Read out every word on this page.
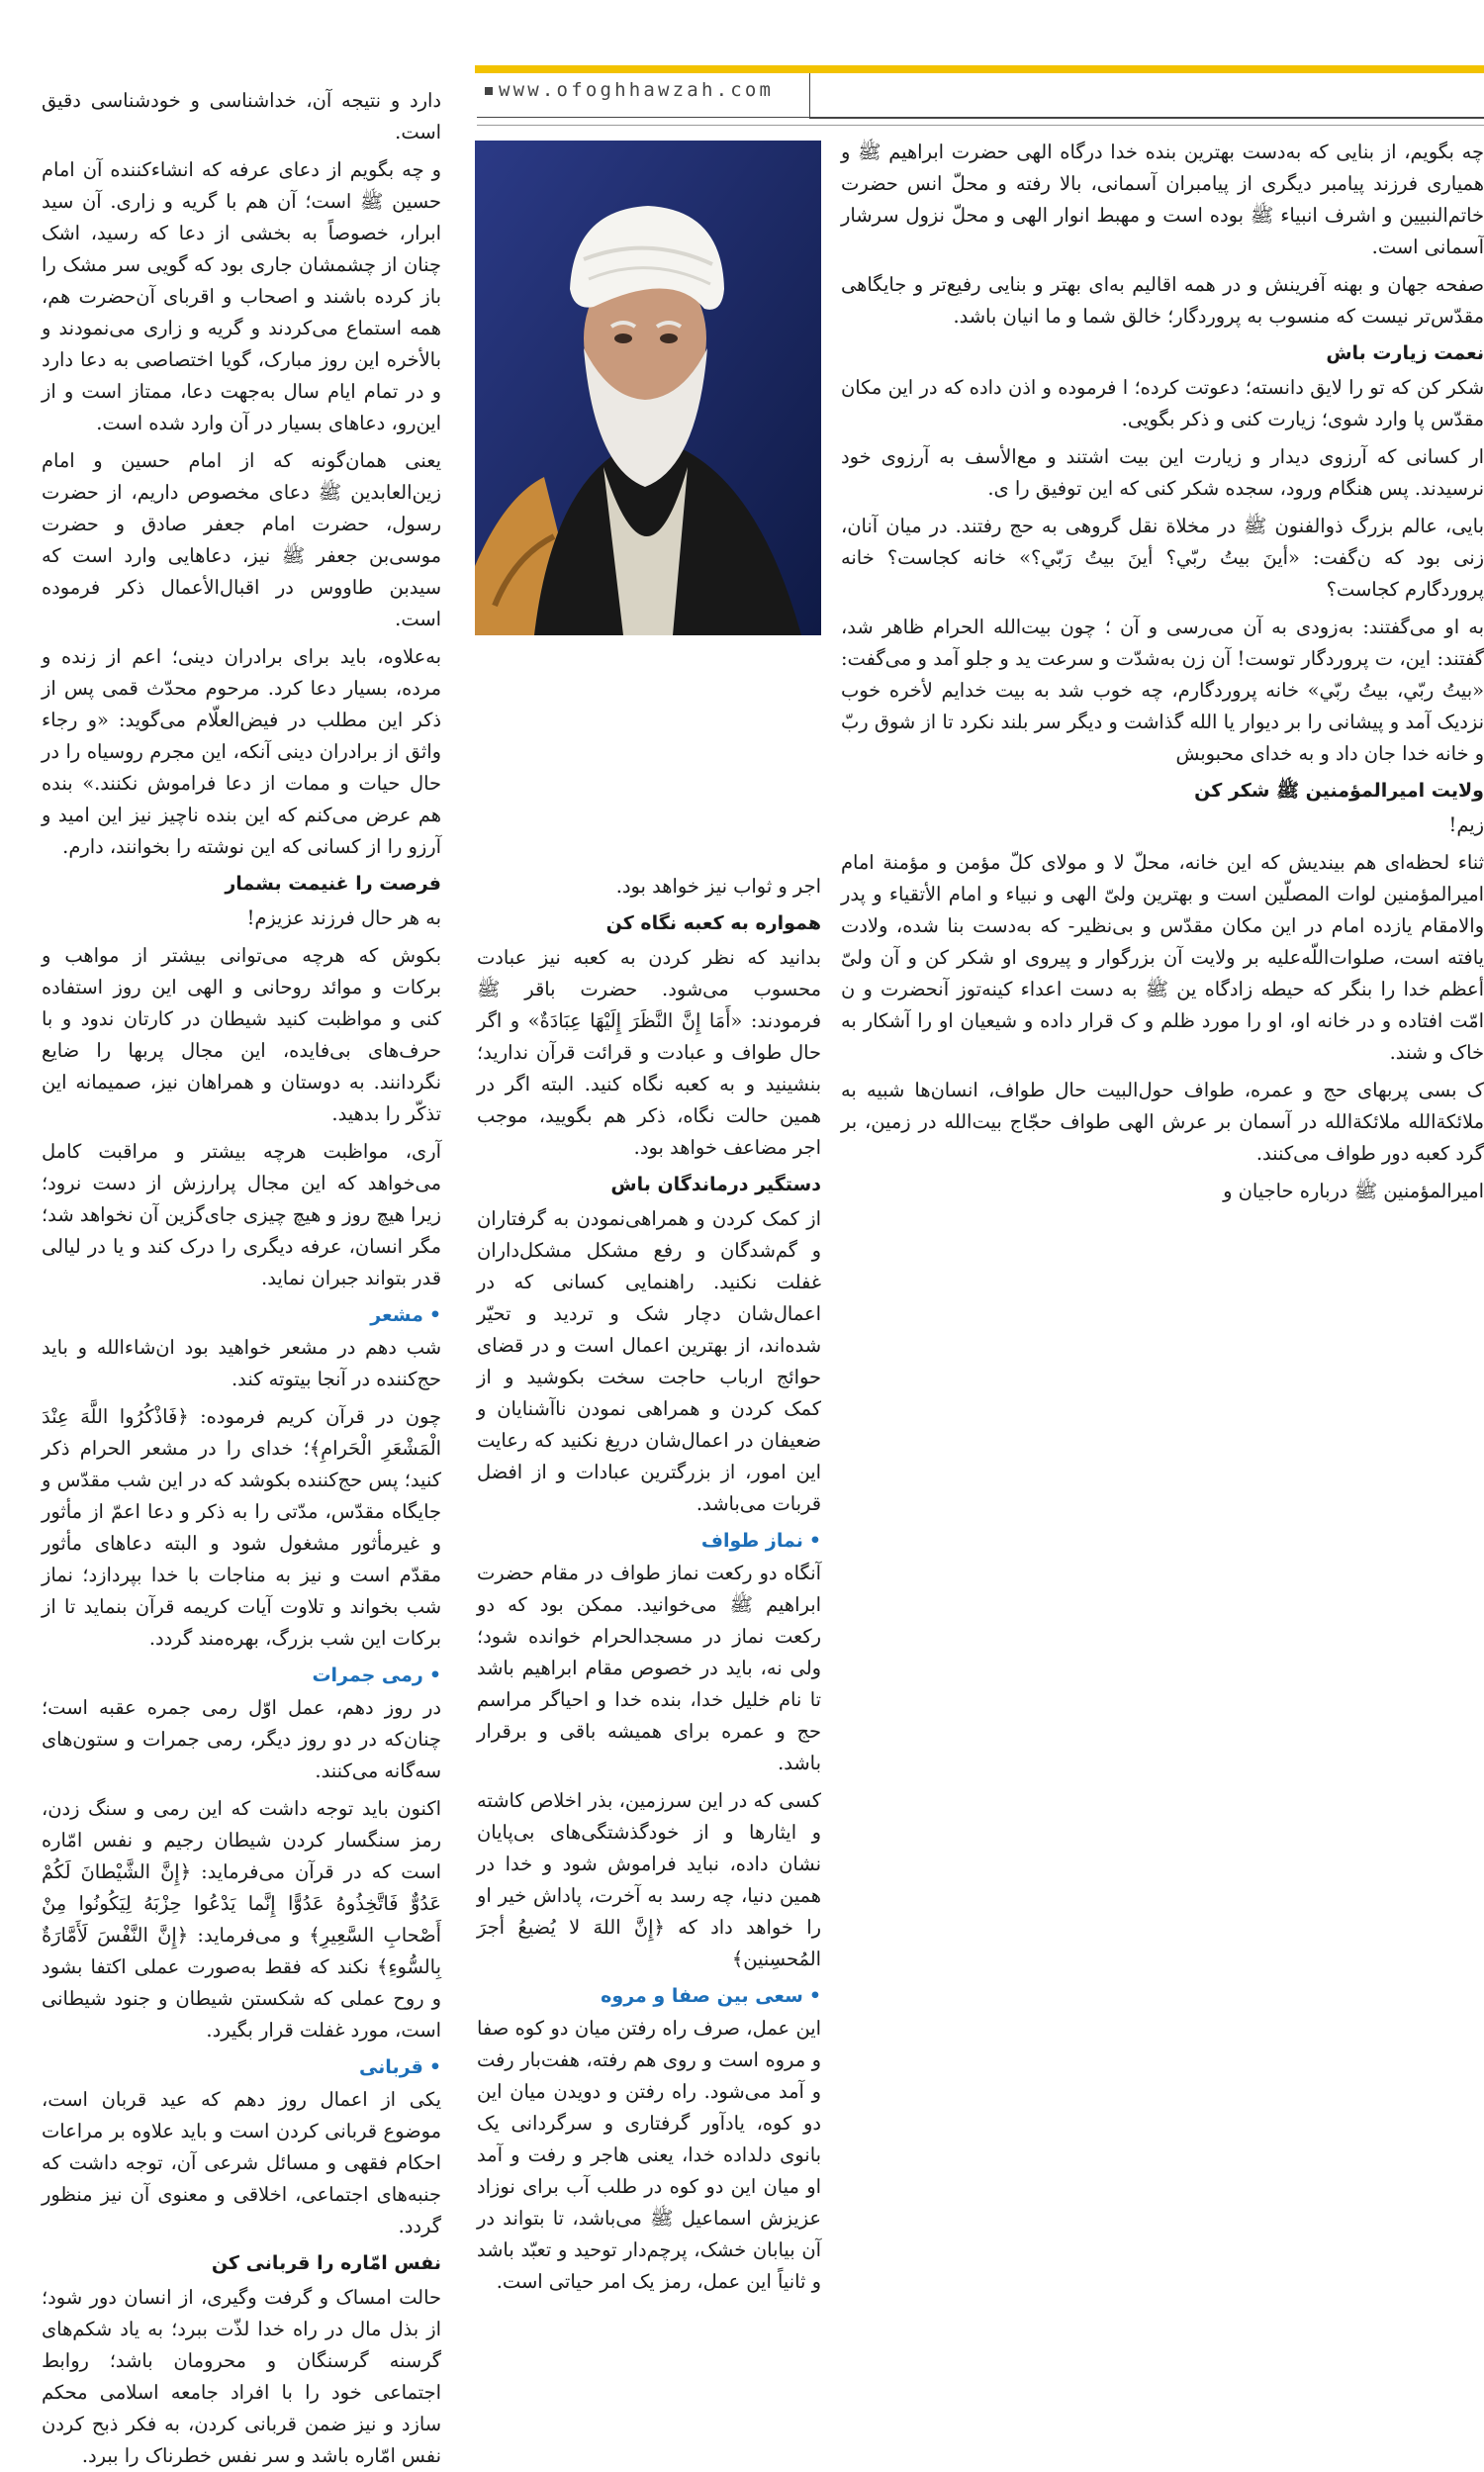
www.ofoghhawzah.com

دارد و نتیجه آن، خداشناسی و خودشناسی دقیق است.

و چه بگویم از دعای عرفه که انشاءکننده آن امام حسین ﷺ است؛ آن هم با گریه و زاری. آن سید ابرار، خصوصاً به بخشی از دعا که رسید، اشک چنان از چشمشان جاری بود که گویی سر مشک را باز کرده باشند و اصحاب و اقربای آن‌حضرت هم، همه استماع می‌کردند و گریه و زاری می‌نمودند و بالأخره این روز مبارک، گویا اختصاصی به دعا دارد و در تمام ایام سال به‌جهت دعا، ممتاز است و از این‌رو، دعاهای بسیار در آن وارد شده است.

یعنی همان‌گونه که از امام حسین و امام زین‌العابدین ﷺ دعای مخصوص داریم، از حضرت رسول، حضرت امام جعفر صادق و حضرت موسی‌بن جعفر ﷺ نیز، دعاهایی وارد است که سیدبن طاووس در اقبال‌الأعمال ذکر فرموده است.

به‌علاوه، باید برای برادران دینی؛ اعم از زنده و مرده، بسیار دعا کرد. مرحوم محدّث قمی پس از ذکر این مطلب در فیض‌العلّام می‌گوید: «و رجاء واثق از برادران دینی آنکه، این مجرم روسیاه را در حال حیات و ممات از دعا فراموش نکنند.» بنده هم عرض می‌کنم که این بنده ناچیز نیز این امید و آرزو را از کسانی که این نوشته را بخوانند، دارم.

فرصت را غنیمت بشمار

به هر حال فرزند عزیزم!

بکوش که هرچه می‌توانی بیشتر از مواهب و برکات و موائد روحانی و الهی این روز استفاده کنی و مواظبت کنید شیطان در کارتان ندود و با حرف‌های بی‌فایده، این مجال پربها را ضایع نگردانند. به دوستان و همراهان نیز، صمیمانه این تذکّر را بدهید.

آری، مواظبت هرچه بیشتر و مراقبت کامل می‌خواهد که این مجال پرارزش از دست نرود؛ زیرا هیچ روز و هیچ چیزی جای‌گزین آن نخواهد شد؛ مگر انسان، عرفه دیگری را درک کند و یا در لیالی قدر بتواند جبران نماید.

•مشعر

شب دهم در مشعر خواهید بود ان‌شاءالله و باید حج‌کننده در آنجا بیتوته کند.

چون در قرآن کریم فرموده: ﴿فَاذْكُرُوا اللَّهَ عِنْدَ الْمَشْعَرِ الْحَرامِ﴾؛ خدای را در مشعر الحرام ذکر کنید؛ پس حج‌کننده بکوشد که در این شب مقدّس و جایگاه مقدّس، مدّتی را به ذکر و دعا اعمّ از مأثور و غیرمأثور مشغول شود و البته دعاهای مأثور مقدّم است و نیز به مناجات با خدا بپردازد؛ نماز شب بخواند و تلاوت آیات کریمه قرآن بنماید تا از برکات این شب بزرگ، بهره‌مند گردد.

•رمی جمرات

در روز دهم، عمل اوّل رمی جمره عقبه است؛ چنان‌که در دو روز دیگر، رمی جمرات و ستون‌های سه‌گانه می‌کنند.

اکنون باید توجه داشت که این رمی و سنگ زدن، رمز سنگسار کردن شیطان رجیم و نفس امّاره است که در قرآن می‌فرماید: ﴿إِنَّ الشَّيْطانَ لَكُمْ عَدُوٌّ فَاتَّخِذُوهُ عَدُوًّا إِنَّما يَدْعُوا حِزْبَهُ لِيَكُونُوا مِنْ أَصْحابِ السَّعِيرِ﴾ و می‌فرماید: ﴿إِنَّ النَّفْسَ لَأَمَّارَةٌ بِالسُّوءِ﴾ نکند که فقط به‌صورت عملی اکتفا بشود و روح عملی که شکستن شیطان و جنود شیطانی است، مورد غفلت قرار بگیرد.

•قربانی

یکی از اعمال روز دهم که عید قربان است، موضوع قربانی کردن است و باید علاوه بر مراعات احکام فقهی و مسائل شرعی آن، توجه داشت که جنبه‌های اجتماعی، اخلاقی و معنوی آن نیز منظور گردد.

نفس امّاره را قربانی کن

حالت امساک و گرفت وگیری، از انسان دور شود؛ از بذل مال در راه خدا لذّت ببرد؛ به یاد شکم‌های گرسنه گرسنگان و محرومان باشد؛ روابط اجتماعی خود را با افراد جامعه اسلامی محکم سازد و نیز ضمن قربانی کردن، به فکر ذبح کردن نفس امّاره باشد و سر نفس خطرناک را ببرد.

اجر و ثواب نیز خواهد بود.

همواره به کعبه نگاه کن

بدانید که نظر کردن به کعبه نیز عبادت محسوب می‌شود. حضرت باقر ﷺ فرمودند: «أَمَا إِنَّ النَّظَرَ إِلَيْهَا عِبَادَةٌ» و اگر حال طواف و عبادت و قرائت قرآن ندارید؛ بنشینید و به کعبه نگاه کنید. البته اگر در همین حالت نگاه، ذکر هم بگویید، موجب اجر مضاعف خواهد بود.

دستگیر درماندگان باش

از کمک کردن و همراهی‌نمودن به گرفتاران و گم‌شدگان و رفع مشکل مشکل‌داران غفلت نکنید. راهنمایی کسانی که در اعمال‌شان دچار شک و تردید و تحیّر شده‌اند، از بهترین اعمال است و در قضای حوائج ارباب حاجت سخت بکوشید و از کمک کردن و همراهی نمودن ناآشنایان و ضعیفان در اعمال‌شان دریغ نکنید که رعایت این امور، از بزرگترین عبادات و از افضل قربات می‌باشد.

•نماز طواف

آنگاه دو رکعت نماز طواف در مقام حضرت ابراهیم ﷺ می‌خوانید. ممکن بود که دو رکعت نماز در مسجدالحرام خوانده شود؛ ولی نه، باید در خصوص مقام ابراهیم باشد تا نام خلیل خدا، بنده خدا و احیاگر مراسم حج و عمره برای همیشه باقی و برقرار باشد.

کسی که در این سرزمین، بذر اخلاص کاشته و ایثارها و از خودگذشتگی‌های بی‌پایان نشان داده، نباید فراموش شود و خدا در همین دنیا، چه رسد به آخرت، پاداش خیر او را خواهد داد که ﴿إِنَّ اللهَ لا يُضيعُ أجرَ المُحسِنين﴾

•سعی بین صفا و مروه

این عمل، صرف راه رفتن میان دو کوه صفا و مروه است و روی هم رفته، هفت‌بار رفت و آمد می‌شود. راه رفتن و دویدن میان این دو کوه، یادآور گرفتاری و سرگردانی یک بانوی دلداده خدا، یعنی هاجر و رفت و آمد او میان این دو کوه در طلب آب برای نوزاد عزیزش اسماعیل ﷺ می‌باشد، تا بتواند در آن بیابان خشک، پرچم‌دار توحید و تعبّد باشد و ثانیاً این عمل، رمز یک امر حیاتی است.

چه بگویم، از بنایی که به‌دست بهترین بنده خدا درگاه الهی حضرت ابراهیم ﷺ و همیاری فرزند پیامبر دیگری از پیامبران آسمانی، بالا رفته و محلّ انس حضرت خاتم‌النبیین و اشرف انبیاء ﷺ بوده است و مهبط انوار الهی و محلّ نزول سرشار آسمانی است.

صفحه جهان و بهنه آفرینش و در همه اقالیم به‌ای بهتر و بنایی رفیع‌تر و جایگاهی مقدّس‌تر نیست که منسوب به پروردگار؛ خالق شما و ما انیان باشد.

نعمت زیارت باش

شکر کن که تو را لایق دانسته؛ دعوتت کرده؛ ا فرموده و اذن داده که در این مکان مقدّس پا وارد شوی؛ زیارت کنی و ذکر بگویی.

ار کسانی که آرزوی دیدار و زیارت این بیت اشتند و مع‌الأسف به آرزوی خود نرسیدند. پس هنگام ورود، سجده شکر کنی که این توفیق را ی.

بایی، عالم بزرگ ذوالفنون ﷺ در مخلاة نقل گروهی به حج رفتند. در میان آنان، زنی بود که ن‌گفت: «أينَ بيتُ ربّي؟ أينَ بيتُ رَبّي؟» خانه کجاست؟ خانه پروردگارم کجاست؟

به او می‌گفتند: به‌زودی به آن می‌رسی و آن ؛ چون بیت‌الله الحرام ظاهر شد، گفتند: این، ت پروردگار توست! آن زن به‌شدّت و سرعت ید و جلو آمد و می‌گفت: «بيتُ ربّي، بيتُ ربّي» خانه پروردگارم، چه خوب شد به بیت خدایم لأخره خوب نزدیک آمد و پیشانی را بر دیوار یا الله گذاشت و دیگر سر بلند نکرد تا از شوق ربّ و خانه خدا جان داد و به خدای محبوبش

ولایت امیرالمؤمنین ﷺ شکر کن

زیم!

ثناء لحظه‌ای هم بیندیش که این خانه، محلّ لا و مولای کلّ مؤمن و مؤمنة امام امیرالمؤمنین لوات المصلّین است و بهترین ولیّ الهی و نبیاء و امام الأتقیاء و پدر والامقام یازده امام در این مکان مقدّس و بی‌نظیر- که به‌دست بنا شده، ولادت یافته است، صلوات‌اللّه‌علیه بر ولایت آن بزرگوار و پیروی او شکر کن و آن ولیّ أعظم خدا را بنگر که حیطه زادگاه ین ﷺ به دست اعداء کینه‌توز آنحضرت و ن امّت افتاده و در خانه او، او را مورد ظلم و ک قرار داده و شیعیان او را آشکار به خاک و شند.

ک بسی پربهای حج و عمره، طواف حول‌البیت حال طواف، انسان‌ها شبیه به ملائکة‌الله ملائکةالله در آسمان بر عرش الهی طواف حجّاج بیت‌الله در زمین، بر گرد کعبه دور طواف می‌کنند.

امیرالمؤمنین ﷺ درباره حاجیان و
